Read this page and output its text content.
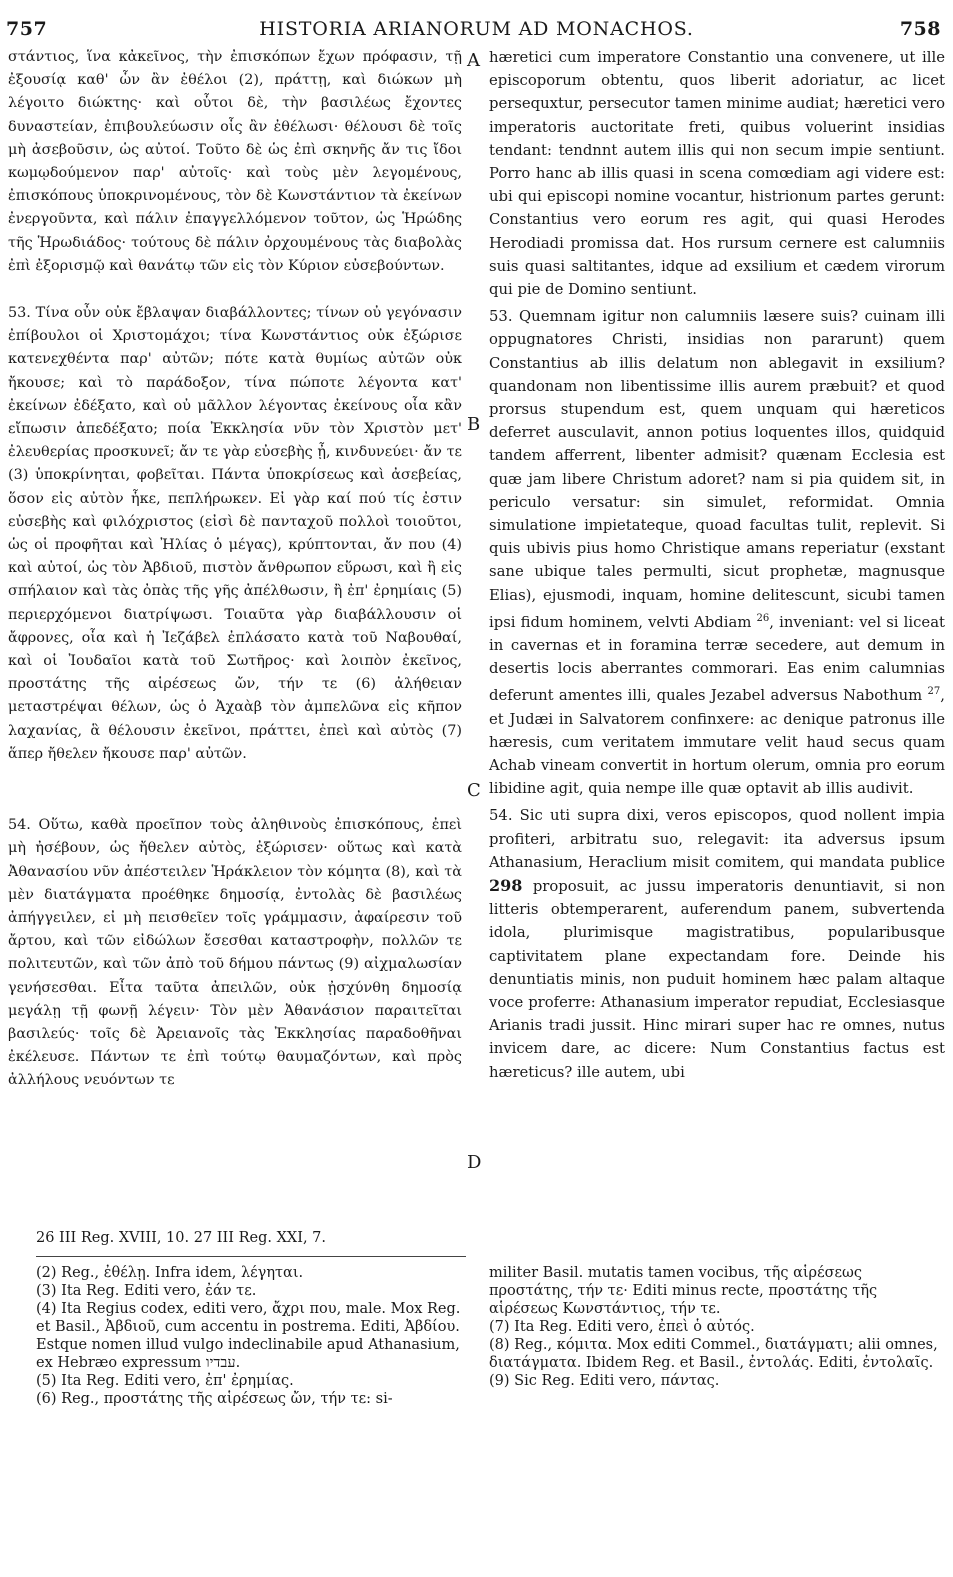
757	HISTORIA ARIANORUM AD MONACHOS.	758

στάντιος, ἵνα κἀκεῖνος, τὴν ἐπισκόπων ἔχων πρόφασιν, τῇ ἐξουσίᾳ καθ' ὧν ἂν ἐθέλοι (2), πράττῃ, καὶ διώκων μὴ λέγοιτο διώκτης· καὶ οὗτοι δὲ, τὴν βασιλέως ἔχοντες δυναστείαν, ἐπιβουλεύωσιν οἷς ἂν ἐθέλωσι· θέλουσι δὲ τοῖς μὴ ἀσεβοῦσιν, ὡς αὐτοί. Τοῦτο δὲ ὡς ἐπὶ σκηνῆς ἄν τις ἴδοι κωμῳδούμενον παρ' αὐτοῖς· καὶ τοὺς μὲν λεγομένους, ἐπισκόπους ὑποκρινομένους, τὸν δὲ Κωνστάντιον τὰ ἐκείνων ἐνεργοῦντα, καὶ πάλιν ἐπαγγελλόμενον τοῦτον, ὡς Ἡρώδης τῆς Ἡρωδιάδος· τούτους δὲ πάλιν ὀρχουμένους τὰς διαβολὰς ἐπὶ ἐξορισμῷ καὶ θανάτῳ τῶν εἰς τὸν Κύριον εὐσεβούντων.

53. Τίνα οὖν οὐκ ἔβλαψαν διαβάλλοντες; τίνων οὐ γεγόνασιν ἐπίβουλοι οἱ Χριστομάχοι; τίνα Κωνστάντιος οὐκ ἐξώρισε κατενεχθέντα παρ' αὐτῶν; πότε κατὰ θυμίως αὐτῶν οὐκ ἤκουσε; καὶ τὸ παράδοξον, τίνα πώποτε λέγοντα κατ' ἐκείνων ἐδέξατο, καὶ οὐ μᾶλλον λέγοντας ἐκείνους οἷα κἂν εἴπωσιν ἀπεδέξατο; ποία Ἐκκλησία νῦν τὸν Χριστὸν μετ' ἐλευθερίας προσκυνεῖ; ἄν τε γὰρ εὐσεβὴς ᾖ, κινδυνεύει· ἄν τε (3) ὑποκρίνηται, φοβεῖται. Πάντα ὑποκρίσεως καὶ ἀσεβείας, ὅσον εἰς αὐτὸν ἧκε, πεπλήρωκεν. Εἰ γὰρ καί πού τίς ἐστιν εὐσεβὴς καὶ φιλόχριστος (εἰσὶ δὲ πανταχοῦ πολλοὶ τοιοῦτοι, ὡς οἱ προφῆται καὶ Ἠλίας ὁ μέγας), κρύπτονται, ἄν που (4) καὶ αὐτοί, ὡς τὸν Ἀβδιοῦ, πιστὸν ἄνθρωπον εὕρωσι, καὶ ἢ εἰς σπήλαιον καὶ τὰς ὀπὰς τῆς γῆς ἀπέλθωσιν, ἢ ἐπ' ἐρημίαις (5) περιερχόμενοι διατρίψωσι. Τοιαῦτα γὰρ διαβάλλουσιν οἱ ἄφρονες, οἷα καὶ ἡ Ἰεζάβελ ἐπλάσατο κατὰ τοῦ Ναβουθαί, καὶ οἱ Ἰουδαῖοι κατὰ τοῦ Σωτῆρος· καὶ λοιπὸν ἐκεῖνος, προστάτης τῆς αἱρέσεως ὤν, τήν τε (6) ἀλήθειαν μεταστρέψαι θέλων, ὡς ὁ Ἀχαὰβ τὸν ἀμπελῶνα εἰς κῆπον λαχανίας, ἃ θέλουσιν ἐκεῖνοι, πράττει, ἐπεὶ καὶ αὐτὸς (7) ἅπερ ἤθελεν ἤκουσε παρ' αὐτῶν.

54. Οὕτω, καθὰ προεῖπον τοὺς ἀληθινοὺς ἐπισκόπους, ἐπεὶ μὴ ἠσέβουν, ὡς ἤθελεν αὐτὸς, ἐξώρισεν· οὕτως καὶ κατὰ Ἀθανασίου νῦν ἀπέστειλεν Ἡράκλειον τὸν κόμητα (8), καὶ τὰ μὲν διατάγματα προέθηκε δημοσίᾳ, ἐντολὰς δὲ βασιλέως ἀπήγγειλεν, εἰ μὴ πεισθεῖεν τοῖς γράμμασιν, ἀφαίρεσιν τοῦ ἄρτου, καὶ τῶν εἰδώλων ἔσεσθαι καταστροφὴν, πολλῶν τε πολιτευτῶν, καὶ τῶν ἀπὸ τοῦ δήμου πάντως (9) αἰχμαλωσίαν γενήσεσθαι. Εἶτα ταῦτα ἀπειλῶν, οὐκ ᾐσχύνθη δημοσίᾳ μεγάλῃ τῇ φωνῇ λέγειν· Τὸν μὲν Ἀθανάσιον παραιτεῖται βασιλεύς· τοῖς δὲ Ἀρειανοῖς τὰς Ἐκκλησίας παραδοθῆναι ἐκέλευσε. Πάντων τε ἐπὶ τούτῳ θαυμαζόντων, καὶ πρὸς ἀλλήλους νευόντων τε

A
B
C
D

hæretici cum imperatore Constantio una convenere, ut ille episcoporum obtentu, quos liberit adoriatur, ac licet persequxtur, persecutor tamen minime audiat; hæretici vero imperatoris auctoritate freti, quibus voluerint insidias tendant: tendnnt autem illis qui non secum impie sentiunt. Porro hanc ab illis quasi in scena comœdiam agi videre est: ubi qui episcopi nomine vocantur, histrionum partes gerunt: Constantius vero eorum res agit, qui quasi Herodes Herodiadi promissa dat. Hos rursum cernere est calumniis suis quasi saltitantes, idque ad exsilium et cædem virorum qui pie de Domino sentiunt.

53. Quemnam igitur non calumniis læsere suis? cuinam illi oppugnatores Christi, insidias non pararunt) quem Constantius ab illis delatum non ablegavit in exsilium? quandonam non libentissime illis aurem præbuit? et quod prorsus stupendum est, quem unquam qui hæreticos deferret ausculavit, annon potius loquentes illos, quidquid tandem afferrent, libenter admisit? quænam Ecclesia est quæ jam libere Christum adoret? nam si pia quidem sit, in periculo versatur: sin simulet, reformidat. Omnia simulatione impietateque, quoad facultas tulit, replevit. Si quis ubivis pius homo Christique amans reperiatur (exstant sane ubique tales permulti, sicut prophetæ, magnusque Elias), ejusmodi, inquam, homine delitescunt, sicubi tamen ipsi fidum hominem, velvti Abdiam $^{26}$, inveniant: vel si liceat in cavernas et in foramina terræ secedere, aut demum in desertis locis aberrantes commorari. Eas enim calumnias deferunt amentes illi, quales Jezabel adversus Nabothum $^{27}$, et Judæi in Salvatorem confinxere: ac denique patronus ille hæresis, cum veritatem immutare velit haud secus quam Achab vineam convertit in hortum olerum, omnia pro eorum libidine agit, quia nempe ille quæ optavit ab illis audivit.

54. Sic uti supra dixi, veros episcopos, quod nollent impia profiteri, arbitratu suo, relegavit: ita adversus ipsum Athanasium, Heraclium misit comitem, qui mandata publice 298 proposuit, ac jussu imperatoris denuntiavit, si non litteris obtemperarent, auferendum panem, subvertenda idola, plurimisque magistratibus, popularibusque captivitatem plane expectandam fore. Deinde his denuntiatis minis, non puduit hominem hæc palam altaque voce proferre: Athanasium imperator repudiat, Ecclesiasque Arianis tradi jussit. Hinc mirari super hac re omnes, nutus invicem dare, ac dicere: Num Constantius factus est hæreticus? ille autem, ubi

26 III Reg. XVIII, 10. 27 III Reg. XXI, 7.

(2) Reg., ἐθέλῃ. Infra idem, λέγηται.

(3) Ita Reg. Editi vero, ἐάν τε.

(4) Ita Regius codex, editi vero, ἄχρι που, male. Mox Reg. et Basil., Ἀβδιοῦ, cum accentu in postrema. Editi, Ἀβδίου. Estque nomen illud vulgo indeclinabile apud Athanasium, ex Hebræo expressum עבדיו.

(5) Ita Reg. Editi vero, ἐπ' ἐρημίας.

(6) Reg., προστάτης τῆς αἱρέσεως ὤν, τήν τε: si-

militer Basil. mutatis tamen vocibus, τῆς αἱρέσεως προστάτης, τήν τε· Editi minus recte, προστάτης τῆς αἱρέσεως Κωνστάντιος, τήν τε.

(7) Ita Reg. Editi vero, ἐπεὶ ὁ αὐτός.

(8) Reg., κόμιτα. Mox editi Commel., διατάγματι; alii omnes, διατάγματα. Ibidem Reg. et Basil., ἐντολάς. Editi, ἐντολαῖς.

(9) Sic Reg. Editi vero, πάντας.
